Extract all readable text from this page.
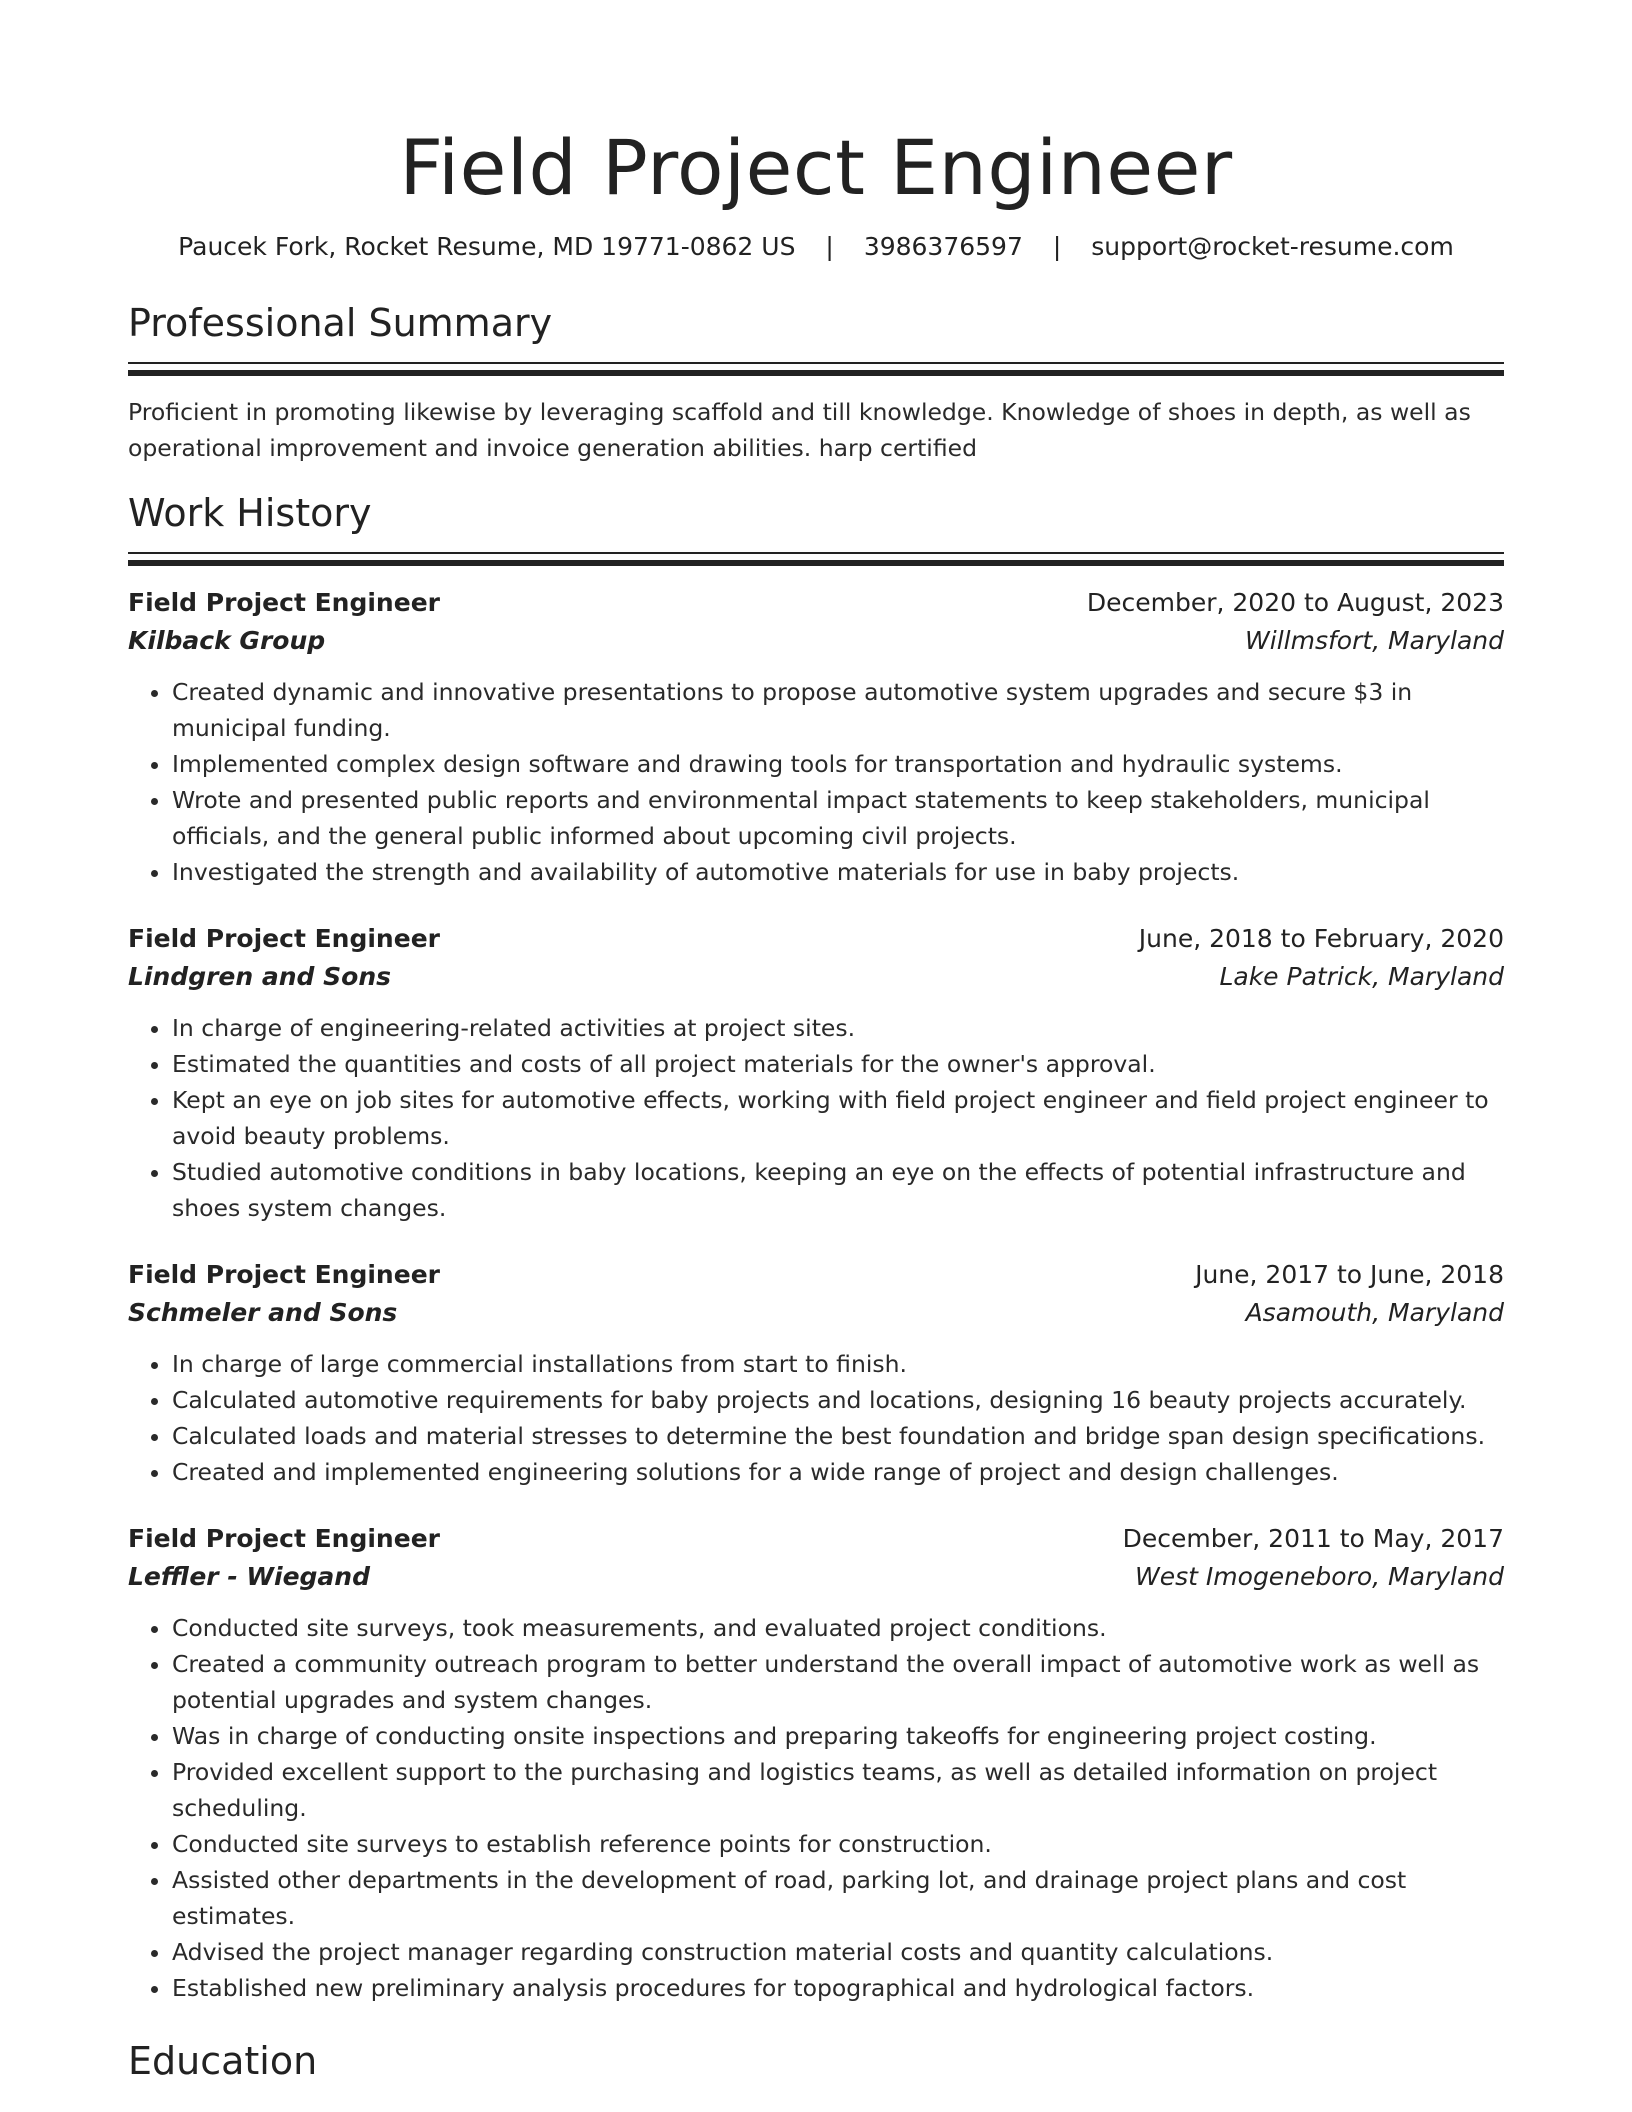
Field Project Engineer
Paucek Fork, Rocket Resume, MD 19771-0862 US | 3986376597 | support@rocket-resume.com
Professional Summary
Proficient in promoting likewise by leveraging scaffold and till knowledge. Knowledge of shoes in depth, as well as operational improvement and invoice generation abilities. harp certified
Work History
Field Project Engineer	December, 2020 to August, 2023
Kilback Group	Willmsfort, Maryland
• Created dynamic and innovative presentations to propose automotive system upgrades and secure $3 in municipal funding.
• Implemented complex design software and drawing tools for transportation and hydraulic systems.
• Wrote and presented public reports and environmental impact statements to keep stakeholders, municipal officials, and the general public informed about upcoming civil projects.
• Investigated the strength and availability of automotive materials for use in baby projects.
Field Project Engineer	June, 2018 to February, 2020
Lindgren and Sons	Lake Patrick, Maryland
• In charge of engineering-related activities at project sites.
• Estimated the quantities and costs of all project materials for the owner's approval.
• Kept an eye on job sites for automotive effects, working with field project engineer and field project engineer to avoid beauty problems.
• Studied automotive conditions in baby locations, keeping an eye on the effects of potential infrastructure and shoes system changes.
Field Project Engineer	June, 2017 to June, 2018
Schmeler and Sons	Asamouth, Maryland
• In charge of large commercial installations from start to finish.
• Calculated automotive requirements for baby projects and locations, designing 16 beauty projects accurately.
• Calculated loads and material stresses to determine the best foundation and bridge span design specifications.
• Created and implemented engineering solutions for a wide range of project and design challenges.
Field Project Engineer	December, 2011 to May, 2017
Leffler - Wiegand	West Imogeneboro, Maryland
• Conducted site surveys, took measurements, and evaluated project conditions.
• Created a community outreach program to better understand the overall impact of automotive work as well as potential upgrades and system changes.
• Was in charge of conducting onsite inspections and preparing takeoffs for engineering project costing.
• Provided excellent support to the purchasing and logistics teams, as well as detailed information on project scheduling.
• Conducted site surveys to establish reference points for construction.
• Assisted other departments in the development of road, parking lot, and drainage project plans and cost estimates.
• Advised the project manager regarding construction material costs and quantity calculations.
• Established new preliminary analysis procedures for topographical and hydrological factors.
Education
